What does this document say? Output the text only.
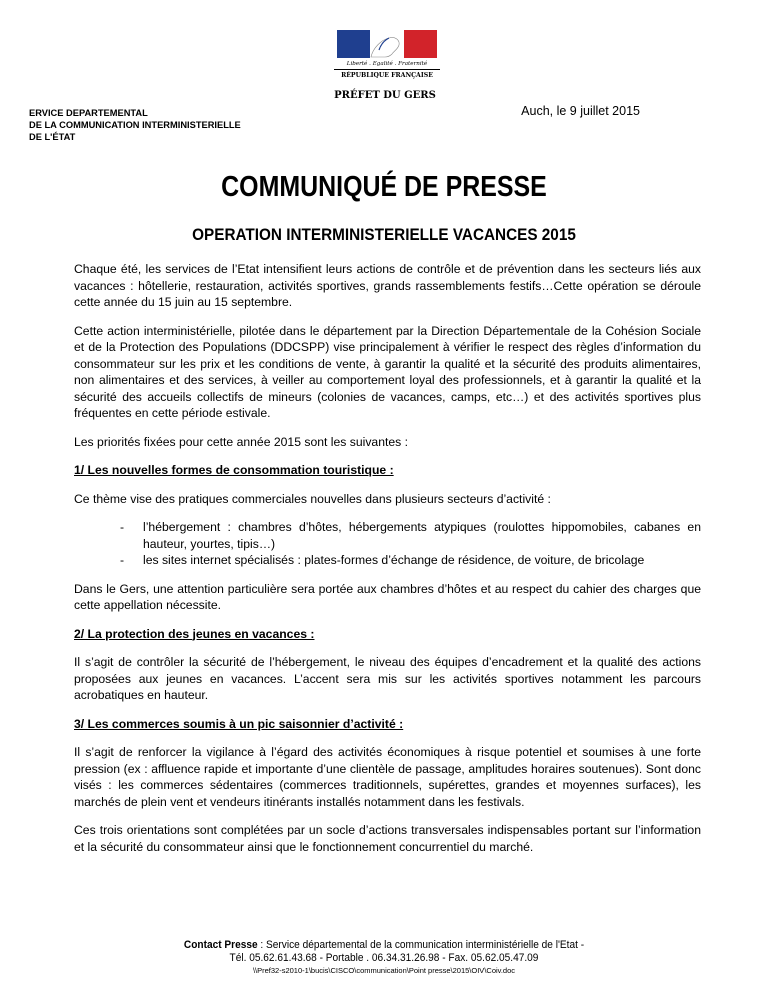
Liberté . Egalité . Fraternité
RÉPUBLIQUE FRANÇAISE
PRÉFET DU GERS
ERVICE DEPARTEMENTAL
DE LA COMMUNICATION INTERMINISTERIELLE
DE L'ÉTAT
Auch, le 9 juillet 2015
COMMUNIQUÉ DE PRESSE
OPERATION INTERMINISTERIELLE VACANCES 2015

Chaque été, les services de l’Etat intensifient leurs actions de contrôle et de prévention dans les secteurs liés aux vacances : hôtellerie, restauration, activités sportives, grands rassemblements festifs…Cette opération se déroule cette année du 15 juin au 15 septembre.

Cette action interministérielle, pilotée dans le département par la Direction Départementale de la Cohésion Sociale et de la Protection des Populations (DDCSPP) vise principalement à vérifier le respect des règles d’information du consommateur sur les prix et les conditions de vente, à garantir la qualité et la sécurité des produits alimentaires, non alimentaires et des services, à veiller au comportement loyal des professionnels, et à garantir la qualité et la sécurité des accueils collectifs de mineurs (colonies de vacances, camps, etc…) et des activités sportives plus fréquentes en cette période estivale.

Les priorités fixées pour cette année 2015 sont les suivantes :

1/ Les nouvelles formes de consommation touristique :

Ce thème vise des pratiques commerciales nouvelles dans plusieurs secteurs d’activité :

- l’hébergement : chambres d’hôtes, hébergements atypiques (roulottes hippomobiles, cabanes en hauteur, yourtes, tipis…)
- les sites internet spécialisés : plates-formes d’échange de résidence, de voiture, de bricolage

Dans le Gers, une attention particulière sera portée aux chambres d’hôtes et au respect du cahier des charges que cette appellation nécessite.

2/ La protection des jeunes en vacances :

Il s’agit de contrôler la sécurité de l’hébergement, le niveau des équipes d’encadrement et la qualité des actions proposées aux jeunes en vacances. L’accent sera mis sur les activités sportives notamment les parcours acrobatiques en hauteur.

3/ Les commerces soumis à un pic saisonnier d’activité :

Il s’agit de renforcer la vigilance à l’égard des activités économiques à risque potentiel et soumises à une forte pression (ex : affluence rapide et importante d’une clientèle de passage, amplitudes horaires soutenues). Sont donc visés : les commerces sédentaires (commerces traditionnels, supérettes, grandes et moyennes surfaces), les marchés de plein vent et vendeurs itinérants installés notamment dans les festivals.

Ces trois orientations sont complétées par un socle d’actions transversales indispensables portant sur l’information et la sécurité du consommateur ainsi que le fonctionnement concurrentiel du marché.

Contact Presse : Service départemental de la communication interministérielle de l'Etat -
Tél. 05.62.61.43.68 - Portable . 06.34.31.26.98 - Fax. 05.62.05.47.09
\\Pref32-s2010-1\bucis\CISCO\communication\Point presse\2015\OIV\Coiv.doc
